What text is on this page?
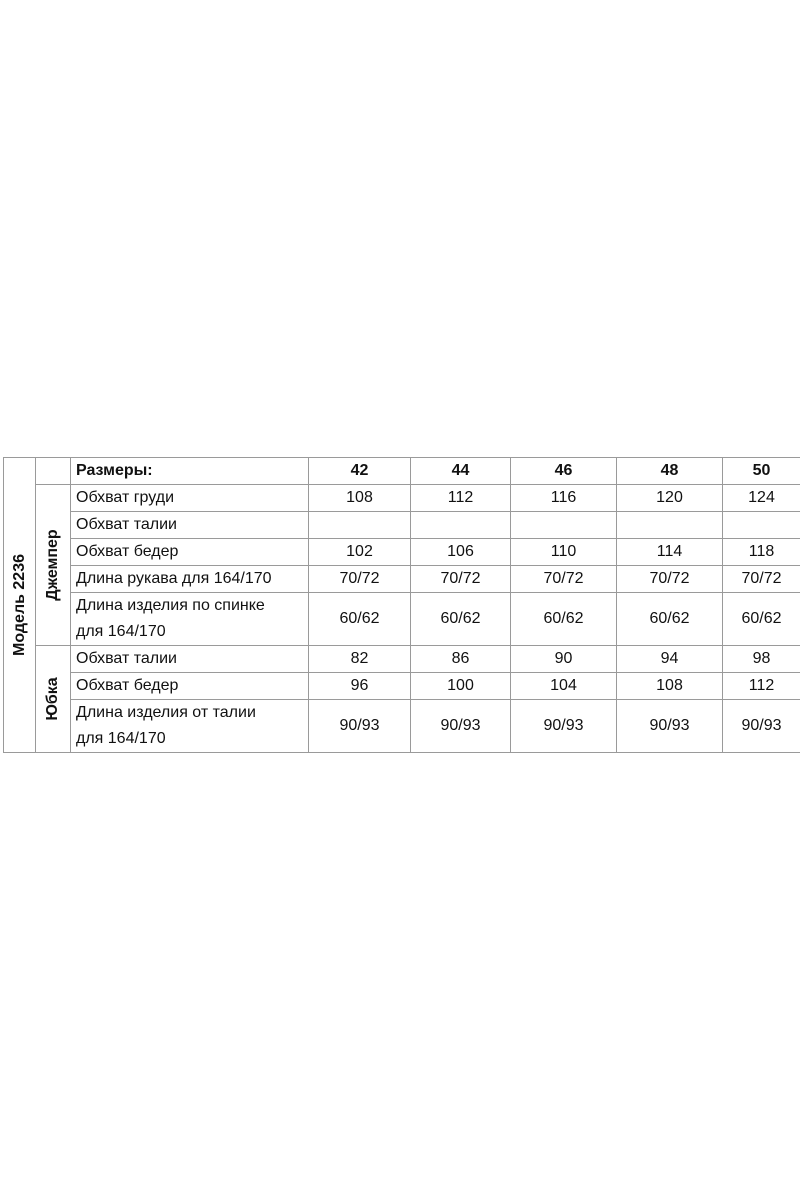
Модель 2236		Размеры:	42	44	46	48	50

	Джемпер	Обхват груди	108	112	116	120	124
		Обхват талии					
		Обхват бедер	102	106	110	114	118
		Длина рукава для 164/170	70/72	70/72	70/72	70/72	70/72
		Длина изделия по спинке	60/62	60/62	60/62	60/62	60/62
		для 164/170					

	Юбка	Обхват талии	82	86	90	94	98
		Обхват бедер	96	100	104	108	112
		Длина изделия от талии	90/93	90/93	90/93	90/93	90/93
		для 164/170					
